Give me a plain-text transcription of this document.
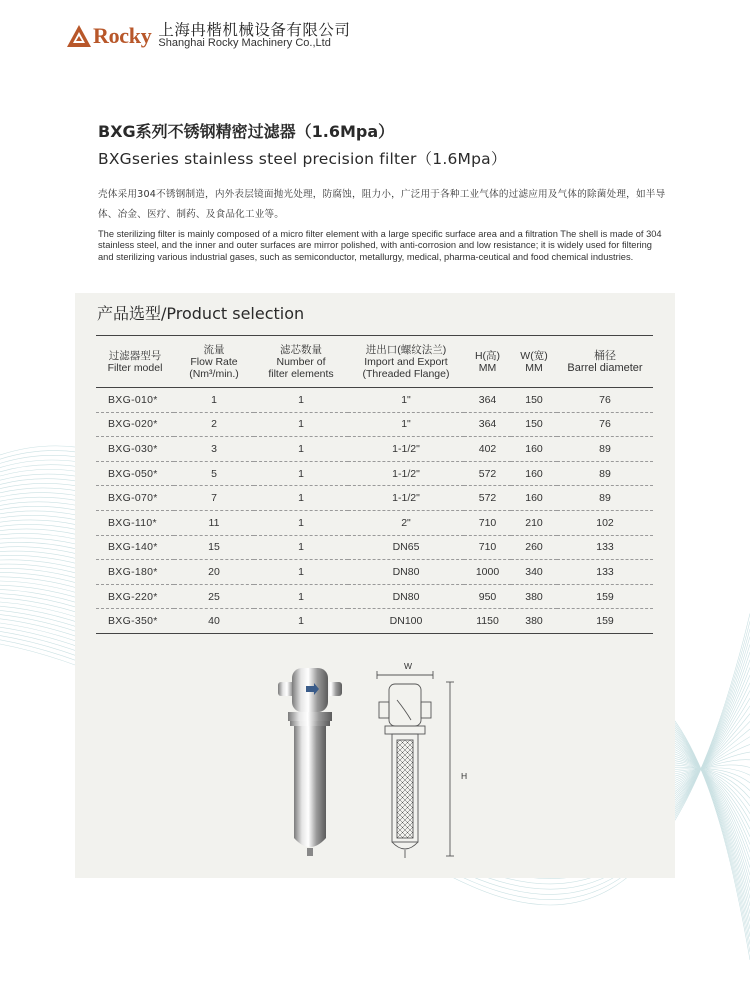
Rocky 上海冉楷机械设备有限公司
Shanghai Rocky Machinery Co.,Ltd
BXG系列不锈钢精密过滤器（1.6Mpa）
BXGseries stainless steel precision filter（1.6Mpa）
壳体采用304不锈钢制造，内外表层镜面抛光处理，防腐蚀，阻力小，广泛用于各种工业气体的过滤应用及气体的除菌处理，如半导体、冶金、医疗、制药、及食品化工业等。
The sterilizing filter is mainly composed of a micro filter element with a large specific surface area and a filtration The shell is made of 304 stainless steel, and the inner and outer surfaces are mirror polished, with anti-corrosion and low resistance; it is widely used for filtering and sterilizing various industrial gases, such as semiconductor, metallurgy, medical, pharma-ceutical and food chemical industries.
产品选型/Product selection
过滤器型号
Filter model	流量
Flow Rate
(Nm³/min.)	滤芯数量
Number of
filter elements	进出口(螺纹法兰)
Import and Export
(Threaded Flange)	H(高)
MM	W(宽)
MM	桶径
Barrel diameter

BXG-010*	1	1	1"	364	150	76
BXG-020*	2	1	1"	364	150	76
BXG-030*	3	1	1-1/2"	402	160	89
BXG-050*	5	1	1-1/2"	572	160	89
BXG-070*	7	1	1-1/2"	572	160	89
BXG-110*	11	1	2"	710	210	102
BXG-140*	15	1	DN65	710	260	133
BXG-180*	20	1	DN80	1000	340	133
BXG-220*	25	1	DN80	950	380	159
BXG-350*	40	1	DN100	1150	380	159
W
H
